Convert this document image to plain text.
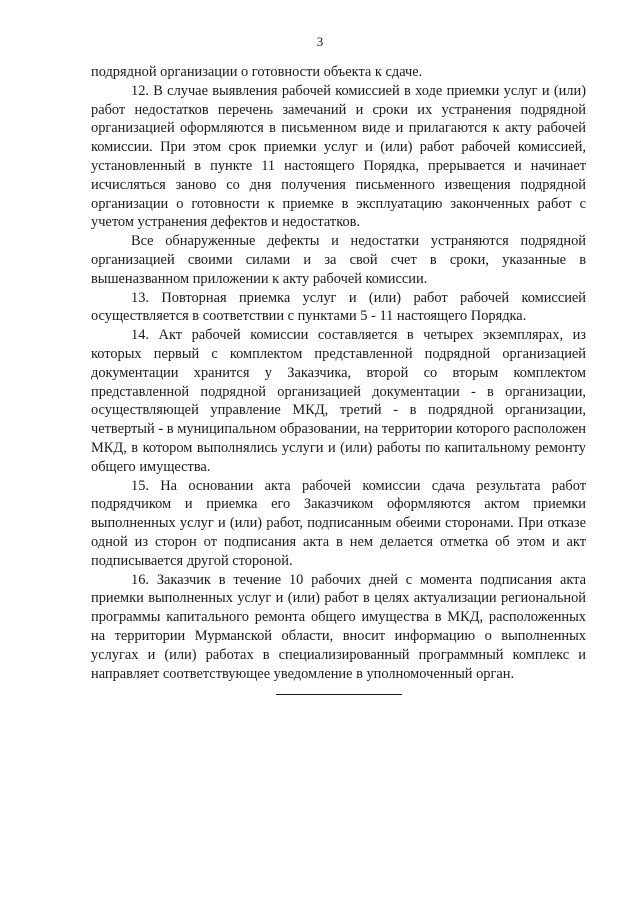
3

подрядной организации о готовности объекта к сдаче.

12. В случае выявления рабочей комиссией в ходе приемки услуг и (или) работ недостатков перечень замечаний и сроки их устранения подрядной организацией оформляются в письменном виде и прилагаются к акту рабочей комиссии. При этом срок приемки услуг и (или) работ рабочей комиссией, установленный в пункте 11 настоящего Порядка, прерывается и начинает исчисляться заново со дня получения письменного извещения подрядной организации о готовности к приемке в эксплуатацию законченных работ с учетом устранения дефектов и недостатков.

Все обнаруженные дефекты и недостатки устраняются подрядной организацией своими силами и за свой счет в сроки, указанные в вышеназванном приложении к акту рабочей комиссии.

13. Повторная приемка услуг и (или) работ рабочей комиссией осуществляется в соответствии с пунктами 5 - 11 настоящего Порядка.

14. Акт рабочей комиссии составляется в четырех экземплярах, из которых первый с комплектом представленной подрядной организацией документации хранится у Заказчика, второй со вторым комплектом представленной подрядной организацией документации - в организации, осуществляющей управление МКД, третий - в подрядной организации, четвертый - в муниципальном образовании, на территории которого расположен МКД, в котором выполнялись услуги и (или) работы по капитальному ремонту общего имущества.

15. На основании акта рабочей комиссии сдача результата работ подрядчиком и приемка его Заказчиком оформляются актом приемки выполненных услуг и (или) работ, подписанным обеими сторонами. При отказе одной из сторон от подписания акта в нем делается отметка об этом и акт подписывается другой стороной.

16. Заказчик в течение 10 рабочих дней с момента подписания акта приемки выполненных услуг и (или) работ в целях актуализации региональной программы капитального ремонта общего имущества в МКД, расположенных на территории Мурманской области, вносит информацию о выполненных услугах и (или) работах в специализированный программный комплекс и направляет соответствующее уведомление в уполномоченный орган.
